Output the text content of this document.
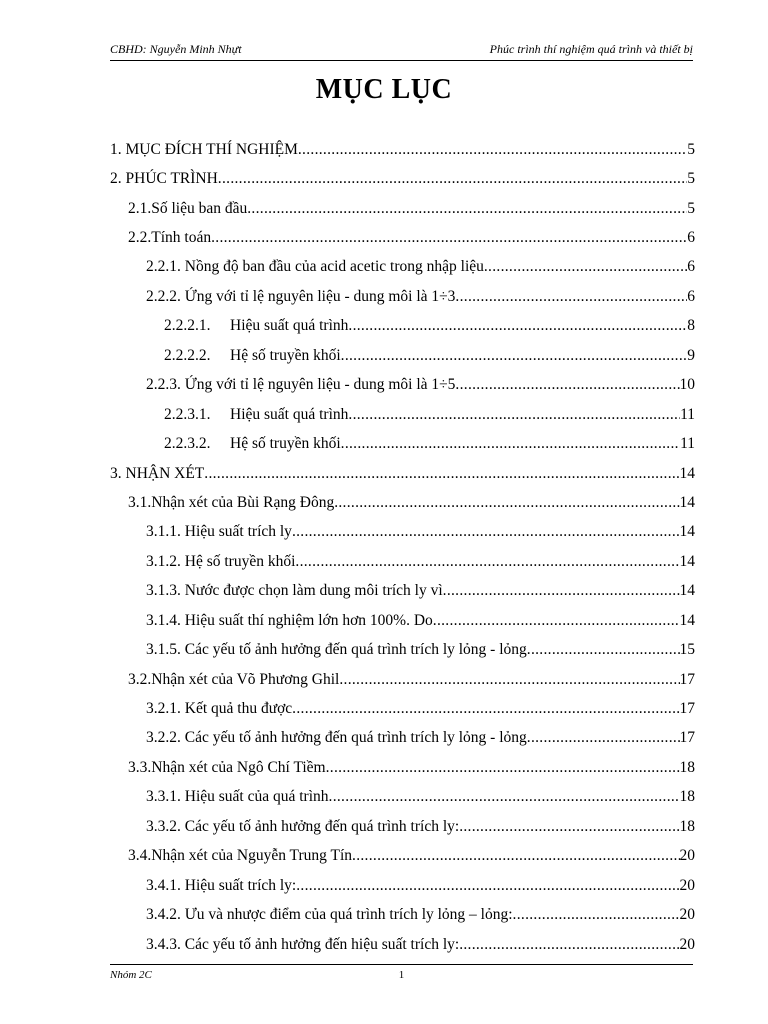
CBHD: Nguyễn Minh Nhựt	Phúc trình thí nghiệm quá trình và thiết bị
MỤC LỤC
1. MỤC ĐÍCH THÍ NGHIỆM .....	5
2. PHÚC TRÌNH .....	5
2.1.Số liệu ban đầu .....	5
2.2.Tính toán .....	6
2.2.1. Nồng độ ban đầu của acid acetic trong nhập liệu .....	6
2.2.2. Ứng với tỉ lệ nguyên liệu - dung môi là 1÷3 .....	6
2.2.2.1. Hiệu suất quá trình .....	8
2.2.2.2. Hệ số truyền khối .....	9
2.2.3. Ứng với tỉ lệ nguyên liệu - dung môi là 1÷5 .....	10
2.2.3.1. Hiệu suất quá trình .....	11
2.2.3.2. Hệ số truyền khối .....	11
3. NHẬN XÉT .....	14
3.1.Nhận xét của Bùi Rạng Đông .....	14
3.1.1. Hiệu suất trích ly .....	14
3.1.2. Hệ số truyền khối .....	14
3.1.3. Nước được chọn làm dung môi trích ly vì .....	14
3.1.4. Hiệu suất thí nghiệm lớn hơn 100%. Do .....	14
3.1.5. Các yếu tố ảnh hưởng đến quá trình trích ly lỏng - lỏng .....	15
3.2.Nhận xét của Võ Phương Ghil .....	17
3.2.1. Kết quả thu được .....	17
3.2.2. Các yếu tố ảnh hưởng đến quá trình trích ly lỏng - lỏng .....	17
3.3.Nhận xét của Ngô Chí Tiềm .....	18
3.3.1. Hiệu suất của quá trình .....	18
3.3.2. Các yếu tố ảnh hưởng đến quá trình trích ly: .....	18
3.4.Nhận xét của Nguyễn Trung Tín .....	20
3.4.1. Hiệu suất trích ly: .....	20
3.4.2. Ưu và nhược điểm của quá trình trích ly lỏng – lỏng: .....	20
3.4.3. Các yếu tố ảnh hưởng đến hiệu suất trích ly: .....	20
Nhóm 2C	1
